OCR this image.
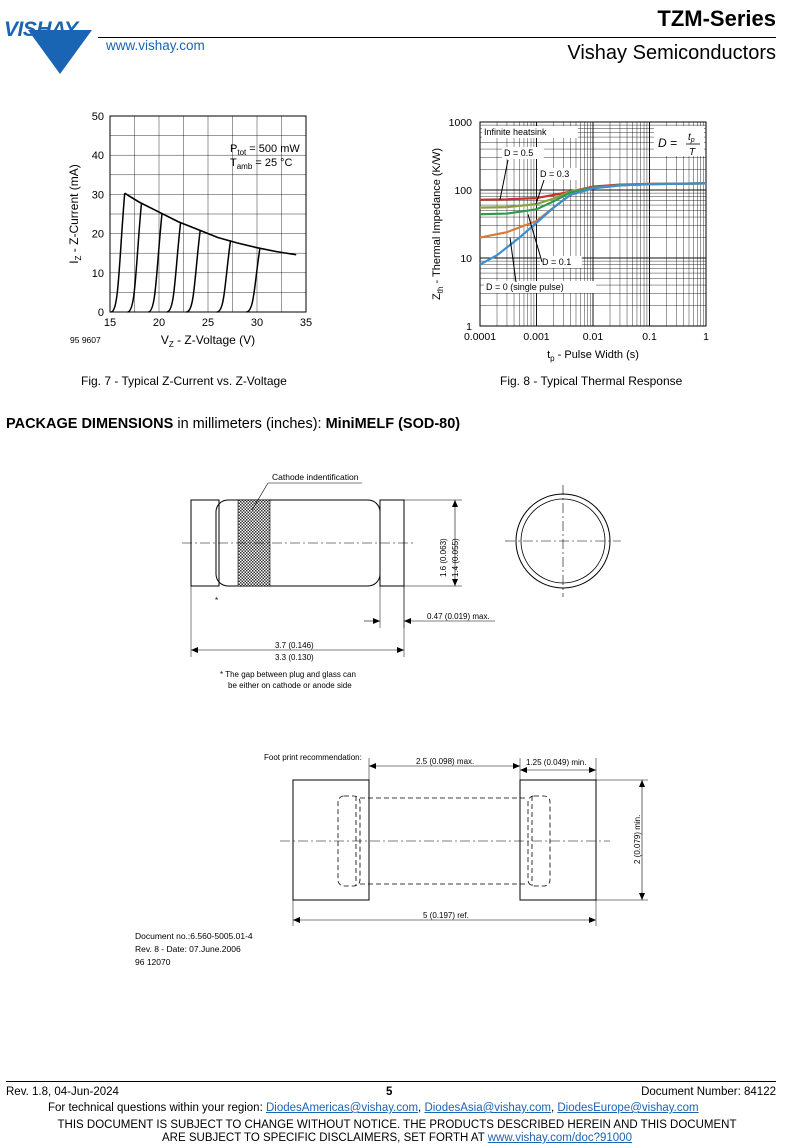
VISHAY.	TZM-Series
Vishay Semiconductors
www.vishay.com
15	20	25	30	35
0
10
20
30
40
50
$V_Z$ - Z-Voltage (V)
$I_Z$ - Z-Current (mA)
$P_{tot} = 500$ mW
$T_{amb} = 25$ °C
95 9607
Fig. 7 - Typical Z-Current vs. Z-Voltage
0.0001	0.001	0.01	0.1	1
1
10
100
1000
$t_p$ - Pulse Width (s)
$Z_{th}$ - Thermal Impedance (K/W)
Infinite heatsink
D = 0.5
D = 0.3
D = 0.1
D = 0 (single pulse)
$D = t_p$
T
Fig. 8 - Typical Thermal Response
PACKAGE DIMENSIONS in millimeters (inches): MiniMELF (SOD-80)
Cathode indentification
1.6 (0.063) 1.4 (0.055)
0.47 (0.019) max.
3.7 (0.146)
3.3 (0.130)
*
* The gap between plug and glass can
be either on cathode or anode side
Foot print recommendation:	2.5 (0.098) max.	1.25 (0.049) min.
2 (0.079) min.
5 (0.197) ref.
Document no.:6.560-5005.01-4
Rev. 8 - Date: 07.June.2006
96 12070
Rev. 1.8, 04-Jun-2024	5	Document Number: 84122
For technical questions within your region: DiodesAmericas@vishay.com, DiodesAsia@vishay.com, DiodesEurope@vishay.com
THIS DOCUMENT IS SUBJECT TO CHANGE WITHOUT NOTICE. THE PRODUCTS DESCRIBED HEREIN AND THIS DOCUMENT
ARE SUBJECT TO SPECIFIC DISCLAIMERS, SET FORTH AT www.vishay.com/doc?91000
